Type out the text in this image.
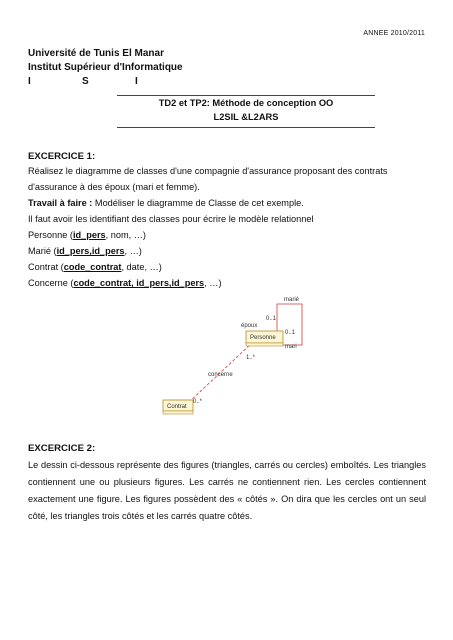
ANNEE 2010/2011
Université de Tunis El Manar
Institut Supérieur d'Informatique
I	S	I
TD2 et TP2: Méthode de conception OO
L2SIL &L2ARS
EXCERCICE 1:
Réalisez le diagramme de classes d'une compagnie d'assurance proposant des contrats
d'assurance à des époux (mari et femme).
Travail à faire : Modéliser le diagramme de Classe de cet exemple.
Il faut avoir les identifiant des classes pour écrire le modèle relationnel
Personne (id_pers, nom, …)
Marié (id_pers,id_pers, …)
Contrat (code_contrat, date, …)
Concerne (code_contrat, id_pers,id_pers, …)
Personne
Contrat
marié
0..1
époux
0..1
mari
1..*
concerne
0..*
EXCERCICE 2:
Le dessin ci-dessous représente des figures (triangles, carrés ou cercles) emboîtés. Les triangles contiennent une ou plusieurs figures. Les carrés ne contiennent rien. Les cercles contiennent exactement une figure. Les figures possèdent des « côtés ». On dira que les cercles ont un seul côté, les triangles trois côtés et les carrés quatre côtés.
